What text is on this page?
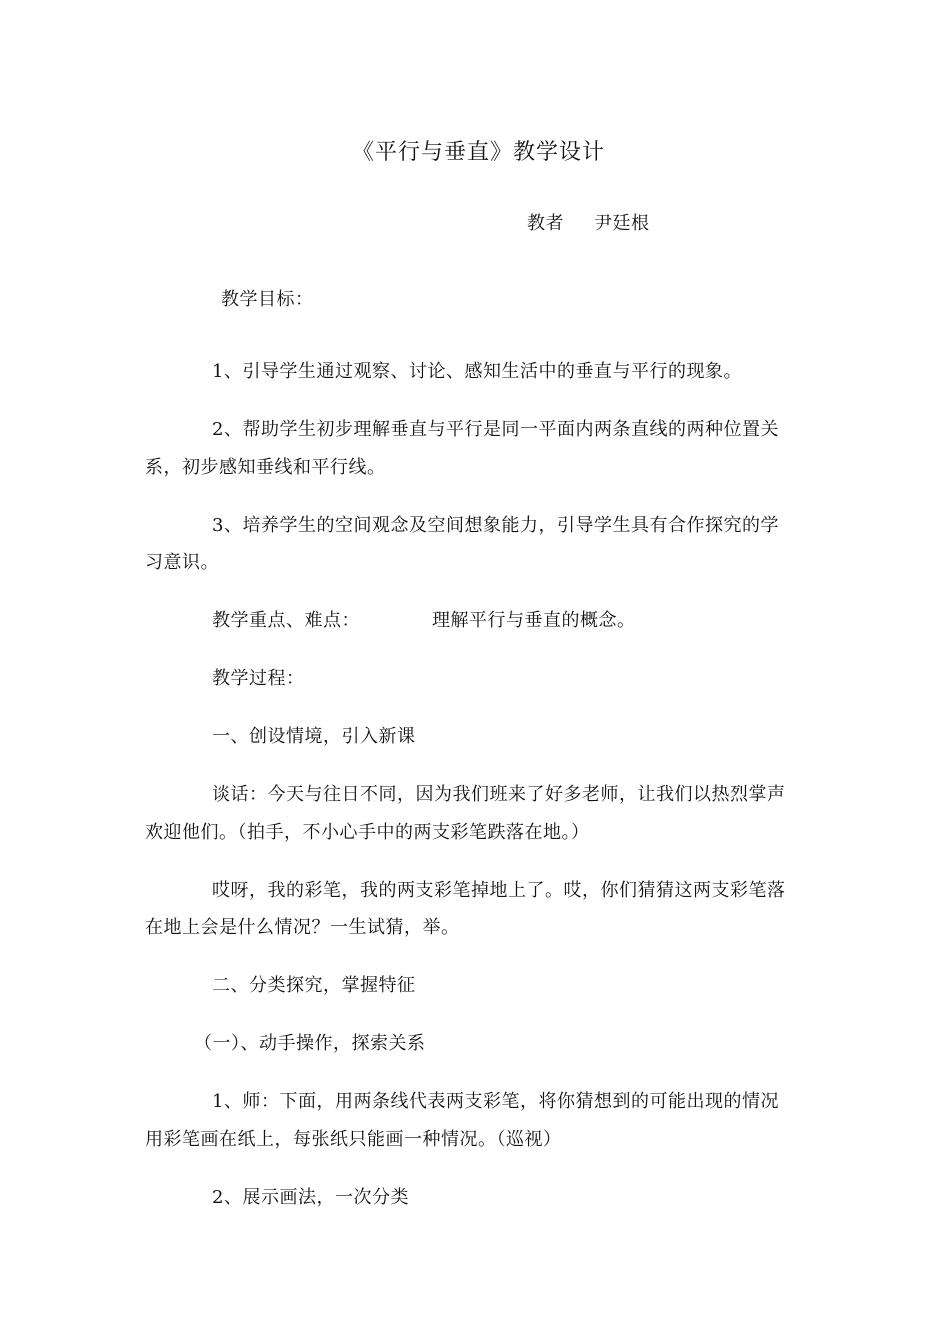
《平行与垂直》教学设计
教者 尹廷根
教学目标：
1、引导学生通过观察、讨论、感知生活中的垂直与平行的现象。
2、帮助学生初步理解垂直与平行是同一平面内两条直线的两种位置关
系，初步感知垂线和平行线。
3、培养学生的空间观念及空间想象能力，引导学生具有合作探究的学
习意识。
教学重点、难点：	理解平行与垂直的概念。
教学过程：
一、创设情境，引入新课
谈话：今天与往日不同，因为我们班来了好多老师，让我们以热烈掌声
欢迎他们。（拍手，不小心手中的两支彩笔跌落在地。）
哎呀，我的彩笔，我的两支彩笔掉地上了。哎，你们猜猜这两支彩笔落
在地上会是什么情况？一生试猜，举。
二、分类探究，掌握特征
（一）、动手操作，探索关系
1、师：下面，用两条线代表两支彩笔，将你猜想到的可能出现的情况
用彩笔画在纸上，每张纸只能画一种情况。（巡视）
2、展示画法，一次分类
